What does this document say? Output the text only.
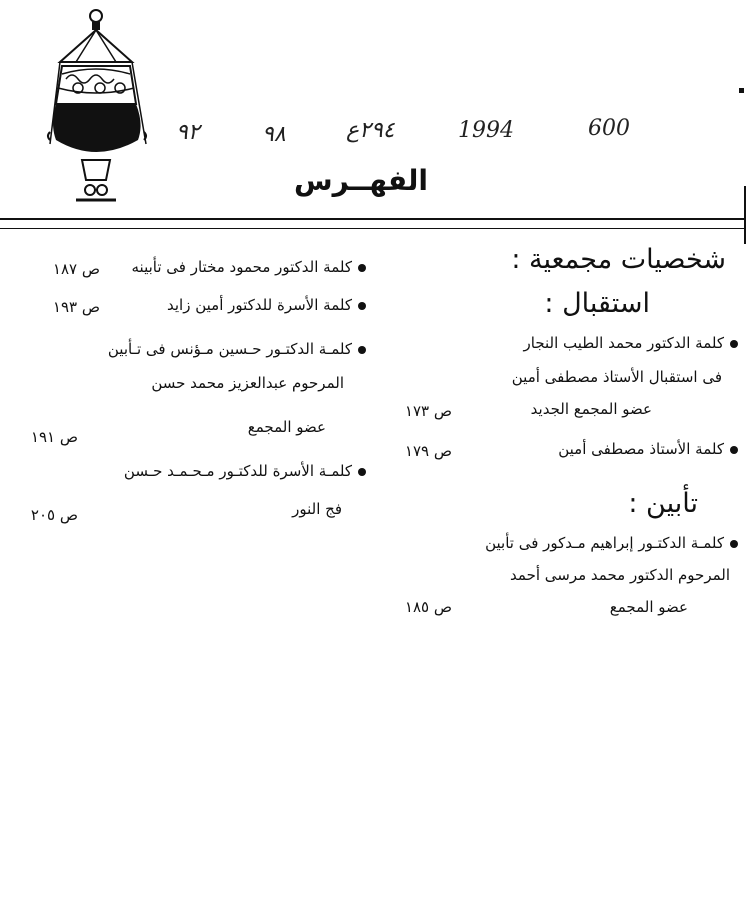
٩٢	٩٨	٢٩٤ع	1994	600
الفهــرس
شخصيات مجمعية :
استقبال :
كلمة الدكتور محمد الطيب النجار
فى استقبال الأستاذ مصطفى أمين
عضو المجمع الجديد
ص ١٧٣
كلمة الأستاذ مصطفى أمين
ص ١٧٩
تأبين :
كلمـة الدكتـور إبراهيم مـدكور فى تأبين
المرحوم الدكتور محمد مرسى أحمد
عضو المجمع
ص ١٨٥
كلمة الدكتور محمود مختار فى تأبينه
ص ١٨٧
كلمة الأسرة للدكتور أمين زايد
ص ١٩٣
كلمـة الدكتـور حـسين مـؤنس فى تـأبين
المرحوم عبدالعزيز محمد حسن
عضو المجمع
ص ١٩١
كلمـة الأسرة للدكتـور مـحـمـد حـسن
فج النور
ص ٢٠٥
